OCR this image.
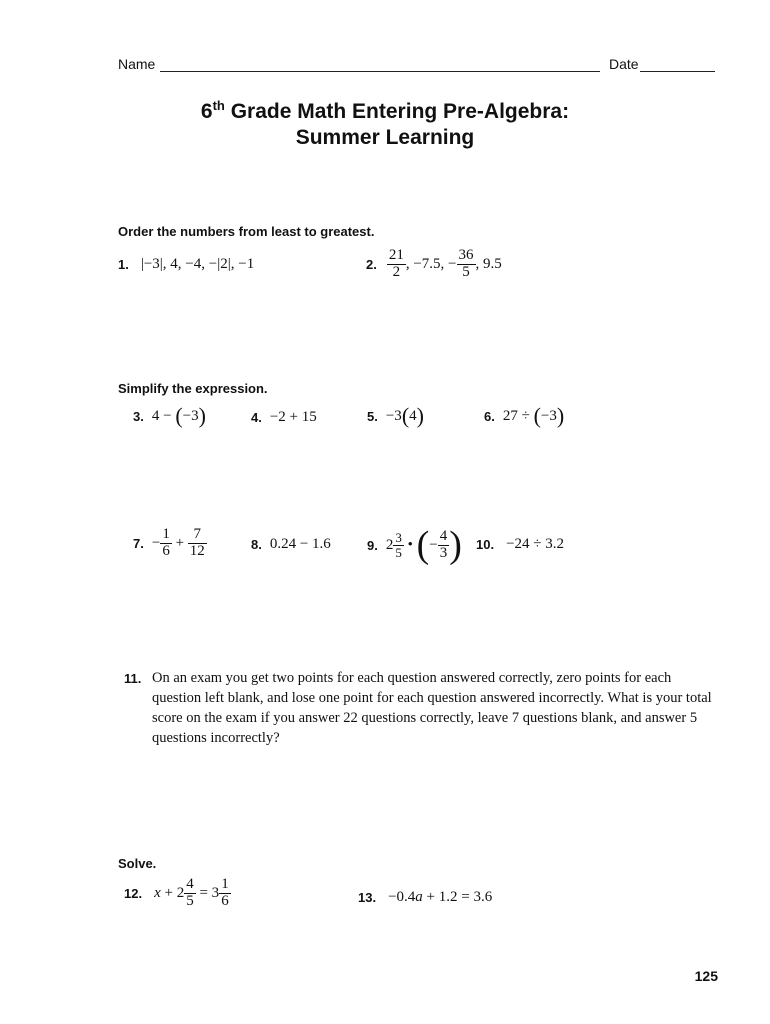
Name	Date
6th Grade Math Entering Pre-Algebra:
Summer Learning
Order the numbers from least to greatest.
1. |−3|, 4, −4, −|2|, −1	2. $\frac{21}{2}$ , −7.5, − $\frac{36}{5}$ , 9.5
Simplify the expression.
3. 4 − ( −3 )	4. −2 + 15	5. −3 ( 4 )	6. 27 ÷ ( −3 )
7. − $\frac{1}{6} + \frac{7}{12}$	8. 0.24 − 1.6	9. $2 \frac{3}{5}$ • ( − $\frac{4}{3}$ ) 10. −24 ÷ 3.2
11. On an exam you get two points for each question answered correctly, zero points for each question left blank, and lose one point for each question answered incorrectly. What is your total score on the exam if you answer 22 questions correctly, leave 7 questions blank, and answer 5 questions incorrectly?
Solve.
12. $x + 2 \frac{4}{5} = 3 \frac{1}{6}$	13. −0.4 a + 1.2 = 3.6
125
